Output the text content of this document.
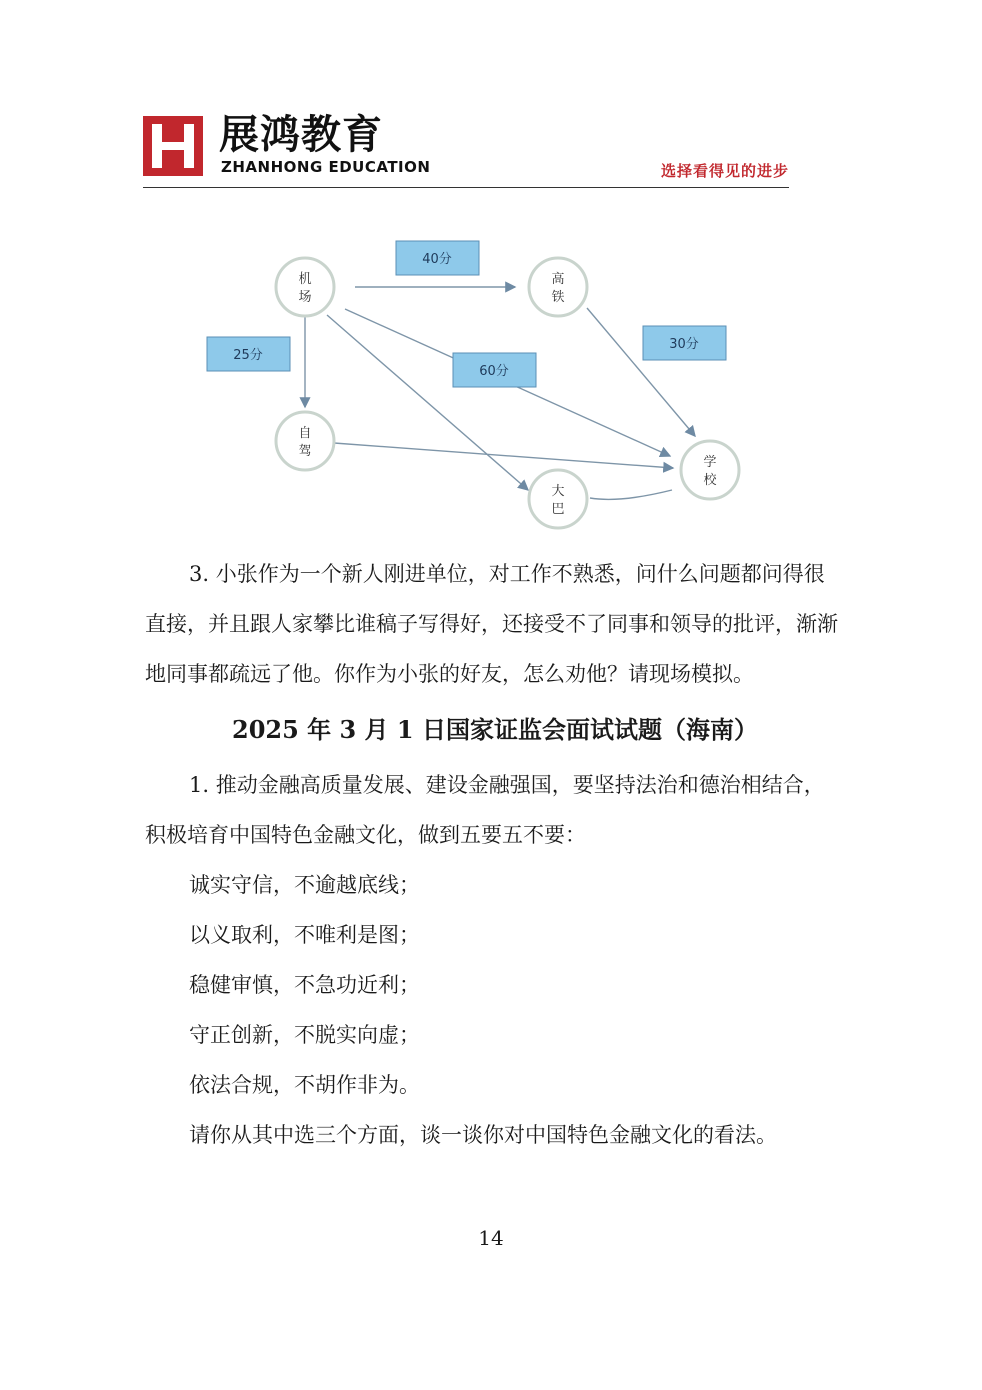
展鸿教育
ZHANHONG EDUCATION	选择看得见的进步
机
场
高
铁
自
驾
大
巴
学
校
40分
25分
60分
30分

3. 小张作为一个新人刚进单位，对工作不熟悉，问什么问题都问得很直接，并且跟人家攀比谁稿子写得好，还接受不了同事和领导的批评，渐渐地同事都疏远了他。你作为小张的好友，怎么劝他？请现场模拟。

2025 年 3 月 1 日国家证监会面试试题（海南）

1. 推动金融高质量发展、建设金融强国，要坚持法治和德治相结合，积极培育中国特色金融文化，做到五要五不要：

诚实守信，不逾越底线；

以义取利，不唯利是图；

稳健审慎，不急功近利；

守正创新，不脱实向虚；

依法合规，不胡作非为。

请你从其中选三个方面，谈一谈你对中国特色金融文化的看法。

14
